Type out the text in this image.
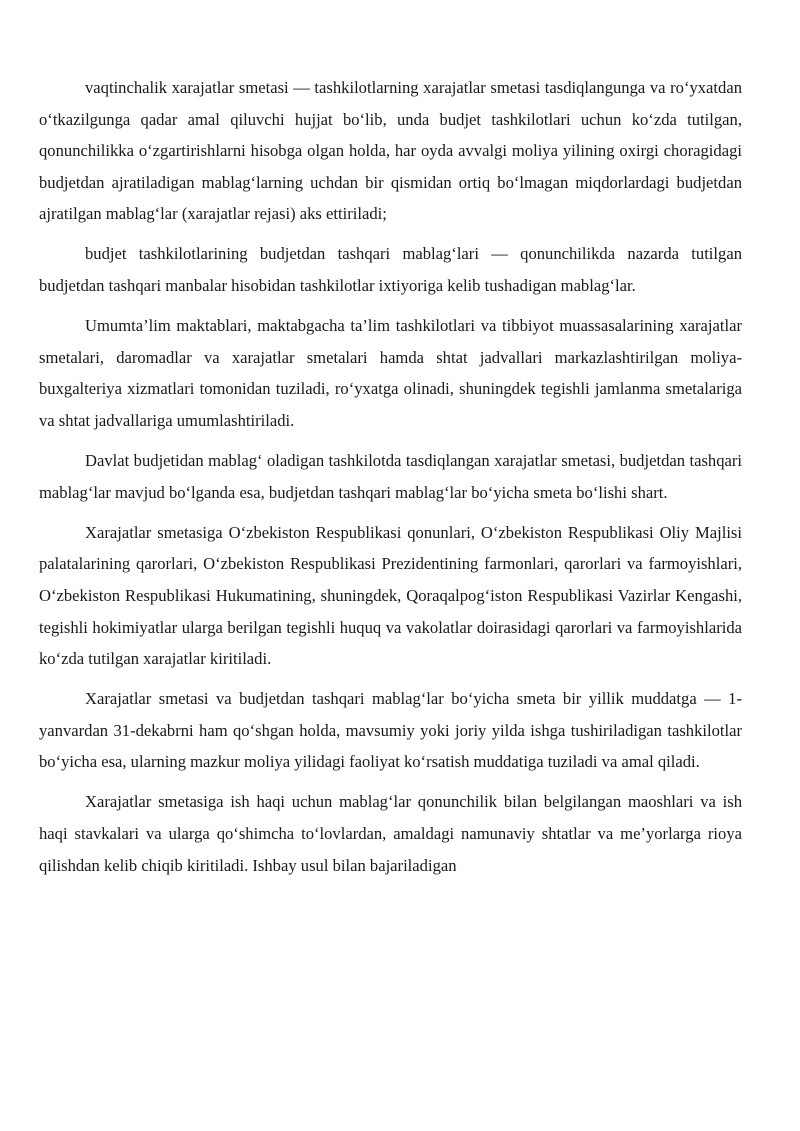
vaqtinchalik xarajatlar smetasi — tashkilotlarning xarajatlar smetasi tasdiqlangunga va ro‘yxatdan o‘tkazilgunga qadar amal qiluvchi hujjat bo‘lib, unda budjet tashkilotlari uchun ko‘zda tutilgan, qonunchilikka o‘zgartirishlarni hisobga olgan holda, har oyda avvalgi moliya yilining oxirgi choragidagi budjetdan ajratiladigan mablag‘larning uchdan bir qismidan ortiq bo‘lmagan miqdorlardagi budjetdan ajratilgan mablag‘lar (xarajatlar rejasi) aks ettiriladi;

budjet tashkilotlarining budjetdan tashqari mablag‘lari — qonunchilikda nazarda tutilgan budjetdan tashqari manbalar hisobidan tashkilotlar ixtiyoriga kelib tushadigan mablag‘lar.

Umumta’lim maktablari, maktabgacha ta’lim tashkilotlari va tibbiyot muassasalarining xarajatlar smetalari, daromadlar va xarajatlar smetalari hamda shtat jadvallari markazlashtirilgan moliya-buxgalteriya xizmatlari tomonidan tuziladi, ro‘yxatga olinadi, shuningdek tegishli jamlanma smetalariga va shtat jadvallariga umumlashtiriladi.

Davlat budjetidan mablag‘ oladigan tashkilotda tasdiqlangan xarajatlar smetasi, budjetdan tashqari mablag‘lar mavjud bo‘lganda esa, budjetdan tashqari mablag‘lar bo‘yicha smeta bo‘lishi shart.

Xarajatlar smetasiga O‘zbekiston Respublikasi qonunlari, O‘zbekiston Respublikasi Oliy Majlisi palatalarining qarorlari, O‘zbekiston Respublikasi Prezidentining farmonlari, qarorlari va farmoyishlari, O‘zbekiston Respublikasi Hukumatining, shuningdek, Qoraqalpog‘iston Respublikasi Vazirlar Kengashi, tegishli hokimiyatlar ularga berilgan tegishli huquq va vakolatlar doirasidagi qarorlari va farmoyishlarida ko‘zda tutilgan xarajatlar kiritiladi.

Xarajatlar smetasi va budjetdan tashqari mablag‘lar bo‘yicha smeta bir yillik muddatga — 1-yanvardan 31-dekabrni ham qo‘shgan holda, mavsumiy yoki joriy yilda ishga tushiriladigan tashkilotlar bo‘yicha esa, ularning mazkur moliya yilidagi faoliyat ko‘rsatish muddatiga tuziladi va amal qiladi.

Xarajatlar smetasiga ish haqi uchun mablag‘lar qonunchilik bilan belgilangan maoshlari va ish haqi stavkalari va ularga qo‘shimcha to‘lovlardan, amaldagi namunaviy shtatlar va me’yorlarga rioya qilishdan kelib chiqib kiritiladi. Ishbay usul bilan bajariladigan
